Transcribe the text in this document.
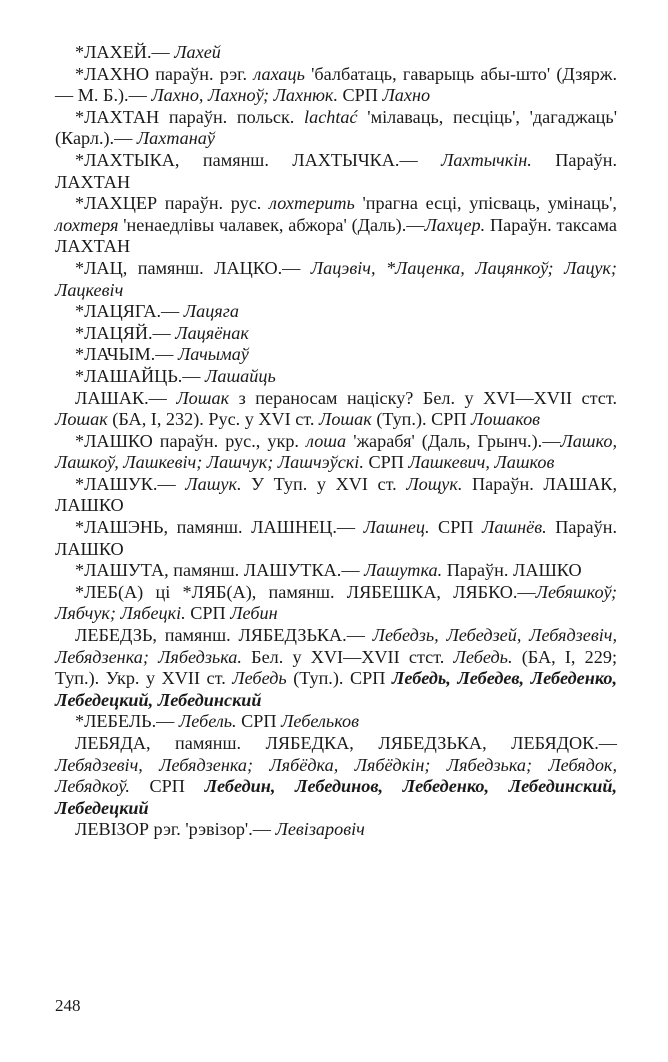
*ЛАХЕЙ.— Лахей

*ЛАХНО параўн. рэг. лахаць 'балбатаць, гаварыць абы-што' (Дзярж.— М. Б.).— Лахно, Лахноў; Лахнюк. СРП Лахно

*ЛАХТАН параўн. польск. lachtać 'мілаваць, песціць', 'дагаджаць' (Карл.).— Лахтанаў

*ЛАХТЫКА, памянш. ЛАХТЫЧКА.— Лахтычкін. Параўн. ЛАХТАН

*ЛАХЦЕР параўн. рус. лохтерить 'прагна есці, упісваць, умінаць', лохтеря 'ненаедлівы чалавек, абжора' (Даль).—Лахцер. Параўн. таксама ЛАХТАН

*ЛАЦ, памянш. ЛАЦКО.— Лацэвіч, *Лаценка, Лацянкоў; Лацук; Лацкевіч

*ЛАЦЯГА.— Лацяга

*ЛАЦЯЙ.— Лацяёнак

*ЛАЧЫМ.— Лачымаў

*ЛАШАЙЦЬ.— Лашайць

ЛАШАК.— Лошак з пераносам націску? Бел. у XVI—XVII стст. Лошак (БА, I, 232). Рус. у XVI ст. Лошак (Туп.). СРП Лошаков

*ЛАШКО параўн. рус., укр. лоша 'жарабя' (Даль, Грынч.).—Лашко, Лашкоў, Лашкевіч; Лашчук; Лашчэўскі. СРП Лашкевич, Лашков

*ЛАШУК.— Лашук. У Туп. у XVI ст. Лощук. Параўн. ЛАШАК, ЛАШКО

*ЛАШЭНЬ, памянш. ЛАШНЕЦ.— Лашнец. СРП Лашнёв. Параўн. ЛАШКО

*ЛАШУТА, памянш. ЛАШУТКА.— Лашутка. Параўн. ЛАШКО

*ЛЕБ(А) ці *ЛЯБ(А), памянш. ЛЯБЕШКА, ЛЯБКО.—Лебяшкоў; Лябчук; Лябецкі. СРП Лебин

ЛЕБЕДЗЬ, памянш. ЛЯБЕДЗЬКА.— Лебедзь, Лебедзей, Лебядзевіч, Лебядзенка; Лябедзька. Бел. у XVI—XVII стст. Лебедь. (БА, I, 229; Туп.). Укр. у XVII ст. Лебедь (Туп.). СРП Лебедь, Лебедев, Лебеденко, Лебедецкий, Лебединский

*ЛЕБЕЛЬ.— Лебель. СРП Лебельков

ЛЕБЯДА, памянш. ЛЯБЕДКА, ЛЯБЕДЗЬКА, ЛЕБЯДОК.— Лебядзевіч, Лебядзенка; Лябёдка, Лябёдкін; Лябедзька; Лебядок, Лебядкоў. СРП Лебедин, Лебединов, Лебеденко, Лебединский, Лебедецкий

ЛЕВІЗОР рэг. 'рэвізор'.— Левізаровіч

248
